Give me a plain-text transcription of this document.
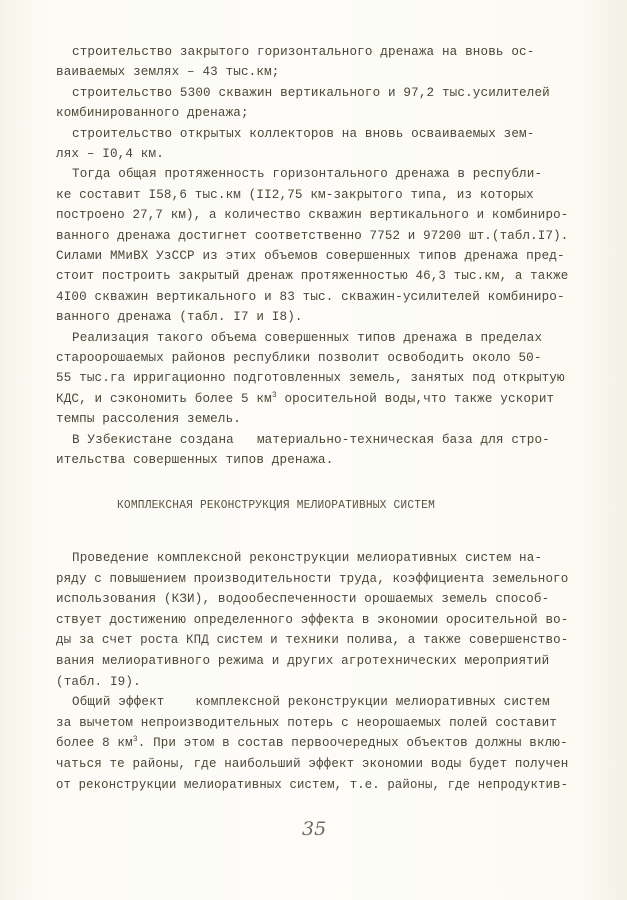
строительство закрытого горизонтального дренажа на вновь ос-
ваиваемых землях – 43 тыс.км;
строительство 5300 скважин вертикального и 97,2 тыс.усилителей
комбинированного дренажа;
строительство открытых коллекторов на вновь осваиваемых зем-
лях – I0,4 км.
Тогда общая протяженность горизонтального дренажа в республи-
ке составит I58,6 тыс.км (II2,75 км-закрытого типа, из которых
построено 27,7 км), а количество скважин вертикального и комбиниро-
ванного дренажа достигнет соответственно 7752 и 97200 шт.(табл.I7).
Силами ММиВХ УзССР из этих объемов совершенных типов дренажа пред-
стоит построить закрытый дренаж протяженностью 46,3 тыс.км, а также
4I00 скважин вертикального и 83 тыс. скважин-усилителей комбиниро-
ванного дренажа (табл. I7 и I8).
Реализация такого объема совершенных типов дренажа в пределах
староорошаемых районов республики позволит освободить около 50-
55 тыс.га ирригационно подготовленных земель, занятых под открытую
КДС, и сэкономить более 5 $км^3$ оросительной воды,что также ускорит
темпы рассоления земель.
В Узбекистане создана   материально-техническая база для стро-
ительства совершенных типов дренажа.
КОМПЛЕКСНАЯ РЕКОНСТРУКЦИЯ МЕЛИОРАТИВНЫХ СИСТЕМ
Проведение комплексной реконструкции мелиоративных систем на-
ряду с повышением производительности труда, коэффициента земельного
использования (КЗИ), водообеспеченности орошаемых земель способ-
ствует достижению определенного эффекта в экономии оросительной во-
ды за счет роста КПД систем и техники полива, а также совершенство-
вания мелиоративного режима и других агротехнических мероприятий
(табл. I9).
Общий эффект    комплексной реконструкции мелиоративных систем
за вычетом непроизводительных потерь с неорошаемых полей составит
более 8 $км^3$. При этом в состав первоочередных объектов должны вклю-
чаться те районы, где наибольший эффект экономии воды будет получен
от реконструкции мелиоративных систем, т.е. районы, где непродуктив-
35
